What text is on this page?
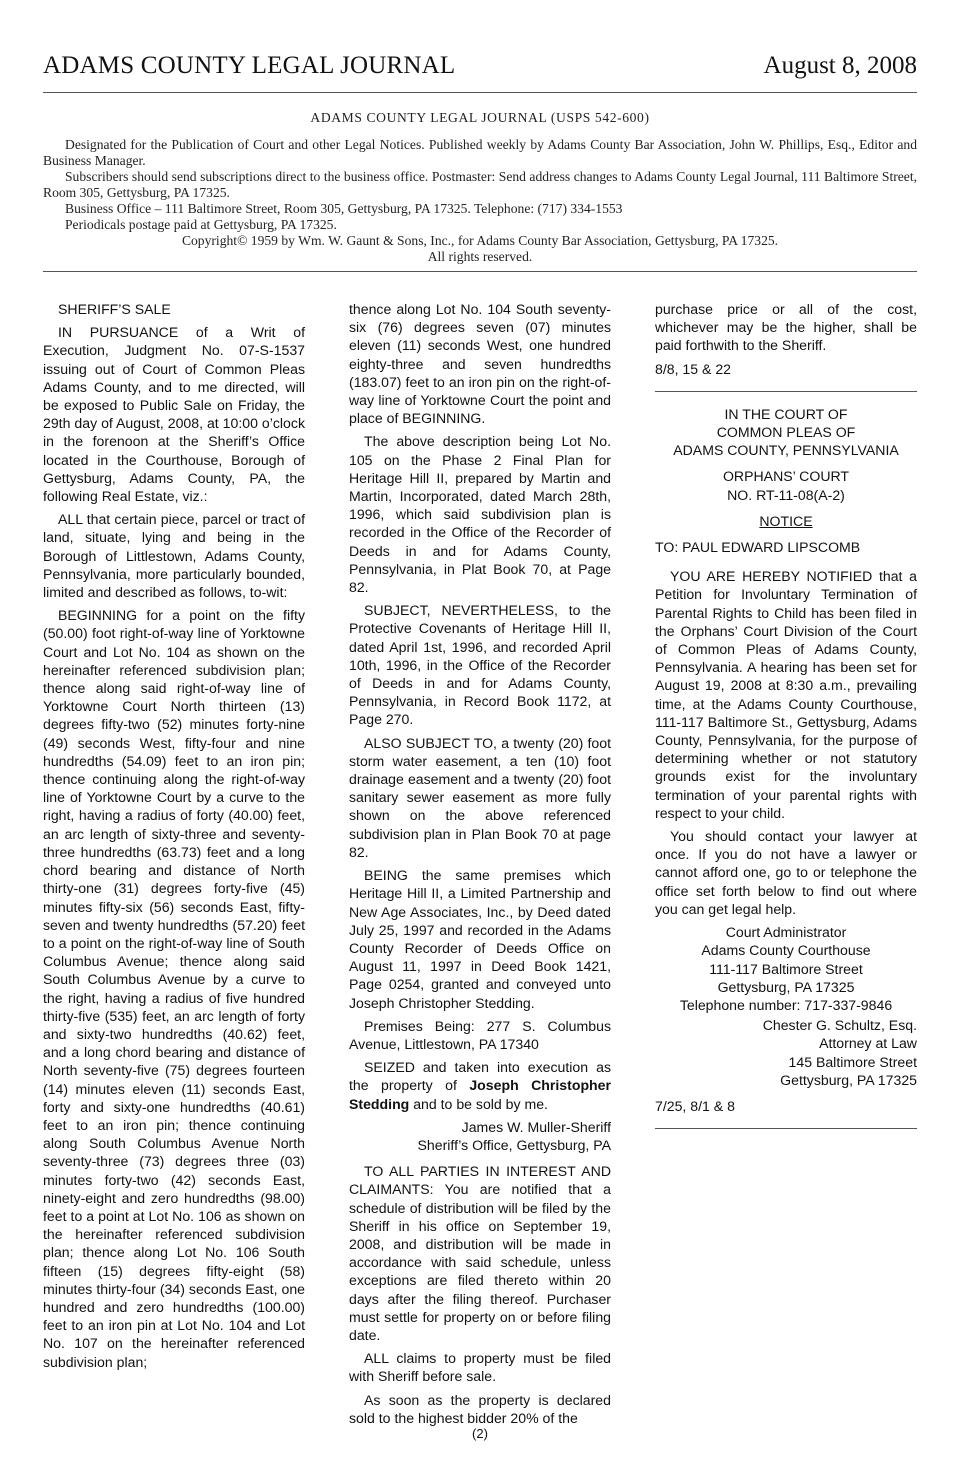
ADAMS COUNTY LEGAL JOURNAL	August 8, 2008

ADAMS COUNTY LEGAL JOURNAL (USPS 542-600)

Designated for the Publication of Court and other Legal Notices. Published weekly by Adams County Bar Association, John W. Phillips, Esq., Editor and Business Manager.

Subscribers should send subscriptions direct to the business office. Postmaster: Send address changes to Adams County Legal Journal, 111 Baltimore Street, Room 305, Gettysburg, PA 17325.

Business Office – 111 Baltimore Street, Room 305, Gettysburg, PA 17325. Telephone: (717) 334-1553

Periodicals postage paid at Gettysburg, PA 17325.

Copyright© 1959 by Wm. W. Gaunt & Sons, Inc., for Adams County Bar Association, Gettysburg, PA 17325.

All rights reserved.

SHERIFF’S SALE

IN PURSUANCE of a Writ of Execution, Judgment No. 07-S-1537 issuing out of Court of Common Pleas Adams County, and to me directed, will be exposed to Public Sale on Friday, the 29th day of August, 2008, at 10:00 o’clock in the forenoon at the Sheriff’s Office located in the Courthouse, Borough of Gettysburg, Adams County, PA, the following Real Estate, viz.:

ALL that certain piece, parcel or tract of land, situate, lying and being in the Borough of Littlestown, Adams County, Pennsylvania, more particularly bounded, limited and described as follows, to-wit:

BEGINNING for a point on the fifty (50.00) foot right-of-way line of Yorktowne Court and Lot No. 104 as shown on the hereinafter referenced subdivision plan; thence along said right-of-way line of Yorktowne Court North thirteen (13) degrees fifty-two (52) minutes forty-nine (49) seconds West, fifty-four and nine hundredths (54.09) feet to an iron pin; thence continuing along the right-of-way line of Yorktowne Court by a curve to the right, having a radius of forty (40.00) feet, an arc length of sixty-three and seventy-three hundredths (63.73) feet and a long chord bearing and distance of North thirty-one (31) degrees forty-five (45) minutes fifty-six (56) seconds East, fifty-seven and twenty hundredths (57.20) feet to a point on the right-of-way line of South Columbus Avenue; thence along said South Columbus Avenue by a curve to the right, having a radius of five hundred thirty-five (535) feet, an arc length of forty and sixty-two hundredths (40.62) feet, and a long chord bearing and distance of North seventy-five (75) degrees fourteen (14) minutes eleven (11) seconds East, forty and sixty-one hundredths (40.61) feet to an iron pin; thence continuing along South Columbus Avenue North seventy-three (73) degrees three (03) minutes forty-two (42) seconds East, ninety-eight and zero hundredths (98.00) feet to a point at Lot No. 106 as shown on the hereinafter referenced subdivision plan; thence along Lot No. 106 South fifteen (15) degrees fifty-eight (58) minutes thirty-four (34) seconds East, one hundred and zero hundredths (100.00) feet to an iron pin at Lot No. 104 and Lot No. 107 on the hereinafter referenced subdivision plan;

thence along Lot No. 104 South seventy-six (76) degrees seven (07) minutes eleven (11) seconds West, one hundred eighty-three and seven hundredths (183.07) feet to an iron pin on the right-of-way line of Yorktowne Court the point and place of BEGINNING.

The above description being Lot No. 105 on the Phase 2 Final Plan for Heritage Hill II, prepared by Martin and Martin, Incorporated, dated March 28th, 1996, which said subdivision plan is recorded in the Office of the Recorder of Deeds in and for Adams County, Pennsylvania, in Plat Book 70, at Page 82.

SUBJECT, NEVERTHELESS, to the Protective Covenants of Heritage Hill II, dated April 1st, 1996, and recorded April 10th, 1996, in the Office of the Recorder of Deeds in and for Adams County, Pennsylvania, in Record Book 1172, at Page 270.

ALSO SUBJECT TO, a twenty (20) foot storm water easement, a ten (10) foot drainage easement and a twenty (20) foot sanitary sewer easement as more fully shown on the above referenced subdivision plan in Plan Book 70 at page 82.

BEING the same premises which Heritage Hill II, a Limited Partnership and New Age Associates, Inc., by Deed dated July 25, 1997 and recorded in the Adams County Recorder of Deeds Office on August 11, 1997 in Deed Book 1421, Page 0254, granted and conveyed unto Joseph Christopher Stedding.

Premises Being: 277 S. Columbus Avenue, Littlestown, PA 17340

SEIZED and taken into execution as the property of Joseph Christopher Stedding and to be sold by me.

James W. Muller-Sheriff
Sheriff’s Office, Gettysburg, PA

TO ALL PARTIES IN INTEREST AND CLAIMANTS: You are notified that a schedule of distribution will be filed by the Sheriff in his office on September 19, 2008, and distribution will be made in accordance with said schedule, unless exceptions are filed thereto within 20 days after the filing thereof. Purchaser must settle for property on or before filing date.

ALL claims to property must be filed with Sheriff before sale.

As soon as the property is declared sold to the highest bidder 20% of the

purchase price or all of the cost, whichever may be the higher, shall be paid forthwith to the Sheriff.

8/8, 15 & 22

IN THE COURT OF
COMMON PLEAS OF
ADAMS COUNTY, PENNSYLVANIA
ORPHANS’ COURT
NO. RT-11-08(A-2)

NOTICE

TO: PAUL EDWARD LIPSCOMB

YOU ARE HEREBY NOTIFIED that a Petition for Involuntary Termination of Parental Rights to Child has been filed in the Orphans’ Court Division of the Court of Common Pleas of Adams County, Pennsylvania. A hearing has been set for August 19, 2008 at 8:30 a.m., prevailing time, at the Adams County Courthouse, 111-117 Baltimore St., Gettysburg, Adams County, Pennsylvania, for the purpose of determining whether or not statutory grounds exist for the involuntary termination of your parental rights with respect to your child.

You should contact your lawyer at once. If you do not have a lawyer or cannot afford one, go to or telephone the office set forth below to find out where you can get legal help.

Court Administrator
Adams County Courthouse
111-117 Baltimore Street
Gettysburg, PA 17325
Telephone number: 717-337-9846
Chester G. Schultz, Esq.
Attorney at Law
145 Baltimore Street
Gettysburg, PA 17325

7/25, 8/1 & 8

(2)
